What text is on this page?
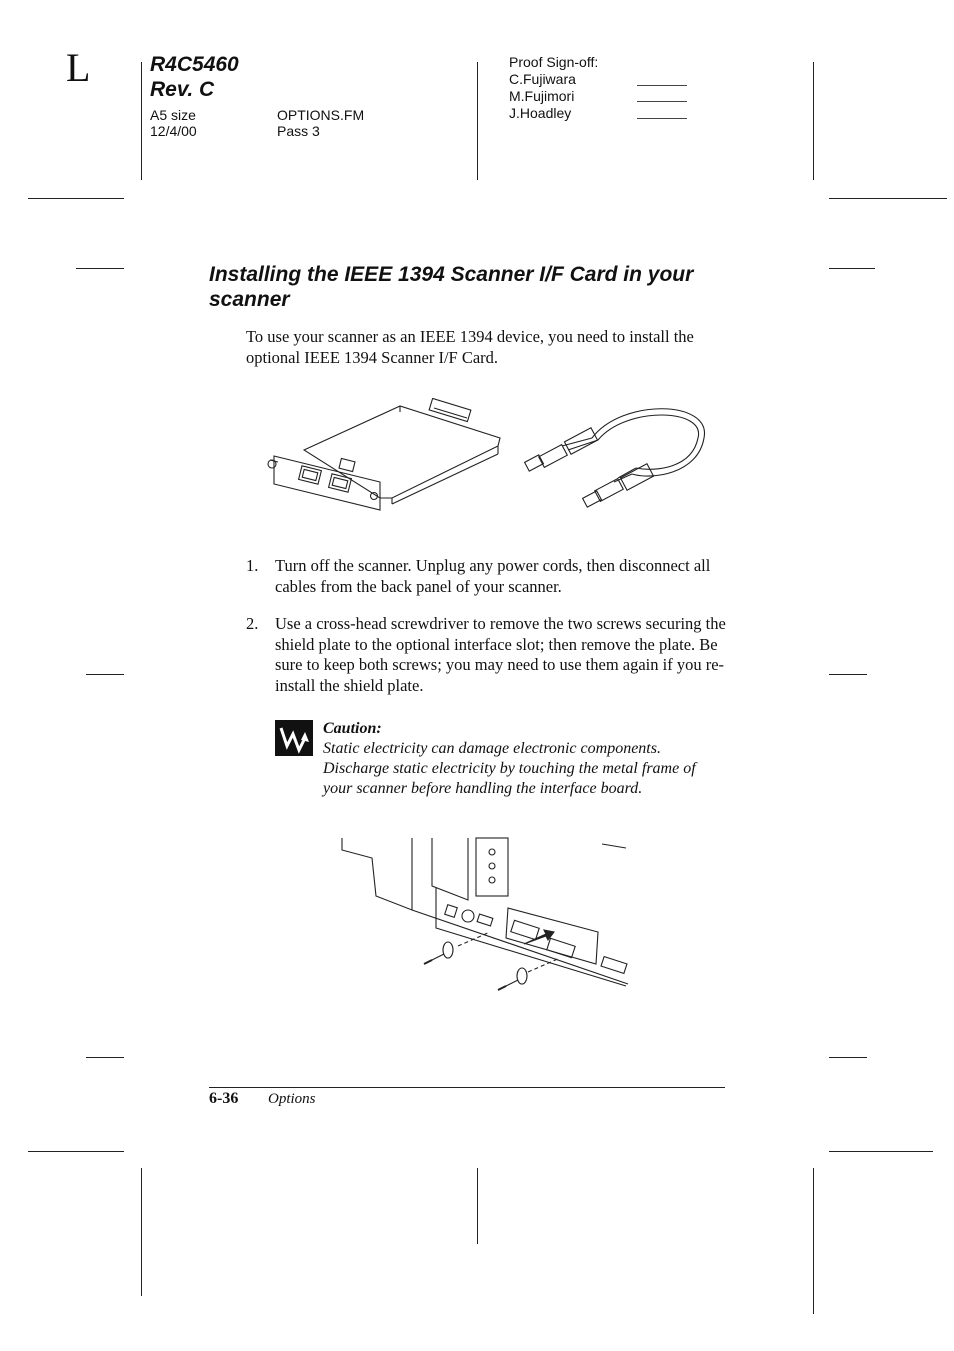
L	R4C5460
Rev. C
A5 size
12/4/00
OPTIONS.FM
Pass 3
Proof Sign-off:
C.Fujiwara
M.Fujimori
J.Hoadley
Installing the IEEE 1394 Scanner I/F Card in your scanner
To use your scanner as an IEEE 1394 device, you need to install the optional IEEE 1394 Scanner I/F Card.
1. Turn off the scanner. Unplug any power cords, then disconnect all cables from the back panel of your scanner.
2. Use a cross-head screwdriver to remove the two screws securing the shield plate to the optional interface slot; then remove the plate. Be sure to keep both screws; you may need to use them again if you re-install the shield plate.
Caution:
Static electricity can damage electronic components. Discharge static electricity by touching the metal frame of your scanner before handling the interface board.
6-36 Options
